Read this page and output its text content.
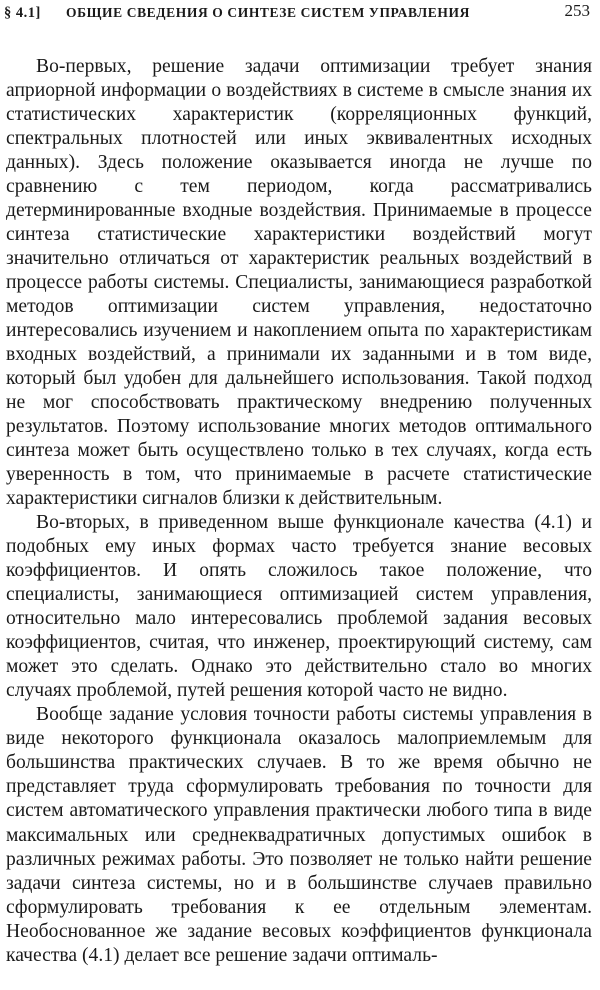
§ 4.1] ОБЩИЕ СВЕДЕНИЯ О СИНТЕЗЕ СИСТЕМ УПРАВЛЕНИЯ	253

Во-первых, решение задачи оптимизации требует знания априорной информации о воздействиях в системе в смысле знания их статистических характеристик (корреляционных функций, спектральных плотностей или иных эквивалентных исходных данных). Здесь положение оказывается иногда не лучше по сравнению с тем периодом, когда рассматривались детерминированные входные воздействия. Принимаемые в процессе синтеза статистические характеристики воздействий могут значительно отличаться от характеристик реальных воздействий в процессе работы системы. Специалисты, занимающиеся разработкой методов оптимизации систем управления, недостаточно интересовались изучением и накоплением опыта по характеристикам входных воздействий, а принимали их заданными и в том виде, который был удобен для дальнейшего использования. Такой подход не мог способствовать практическому внедрению полученных результатов. Поэтому использование многих методов оптимального синтеза может быть осуществлено только в тех случаях, когда есть уверенность в том, что принимаемые в расчете статистические характеристики сигналов близки к действительным.

Во-вторых, в приведенном выше функционале качества (4.1) и подобных ему иных формах часто требуется знание весовых коэффициентов. И опять сложилось такое положение, что специалисты, занимающиеся оптимизацией систем управления, относительно мало интересовались проблемой задания весовых коэффициентов, считая, что инженер, проектирующий систему, сам может это сделать. Однако это действительно стало во многих случаях проблемой, путей решения которой часто не видно.

Вообще задание условия точности работы системы управления в виде некоторого функционала оказалось малоприемлемым для большинства практических случаев. В то же время обычно не представляет труда сформулировать требования по точности для систем автоматического управления практически любого типа в виде максимальных или среднеквадратичных допустимых ошибок в различных режимах работы. Это позволяет не только найти решение задачи синтеза системы, но и в большинстве случаев правильно сформулировать требования к ее отдельным элементам. Необоснованное же задание весовых коэффициентов функционала качества (4.1) делает все решение задачи оптималь-
